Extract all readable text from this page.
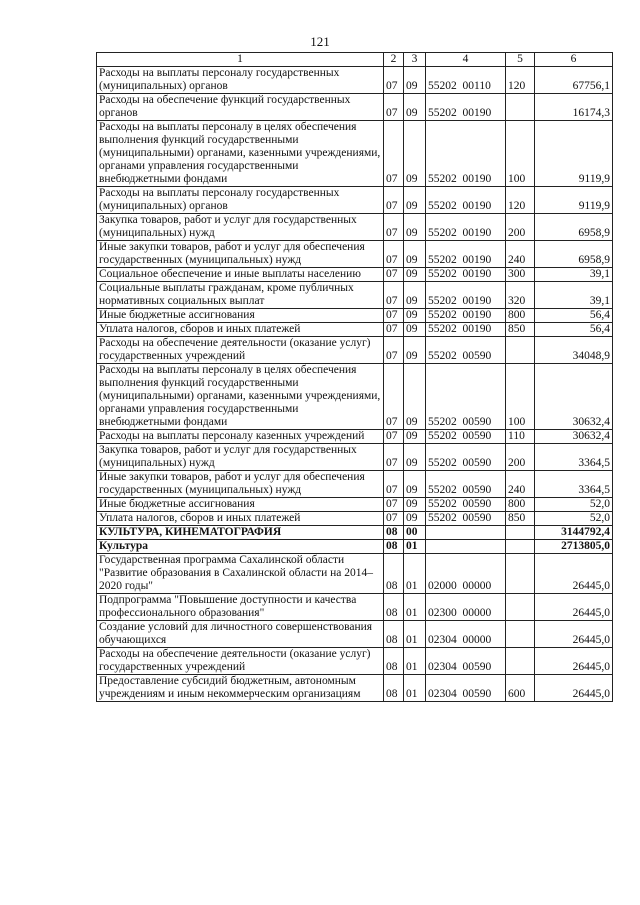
121
1	2	3	4	5	6
Расходы на выплаты персоналу государственных (муниципальных) органов	07	09	55202  00110	120	67756,1
Расходы на обеспечение функций государственных органов	07	09	55202  00190		16174,3
Расходы на выплаты персоналу в целях обеспечения выполнения функций государственными (муниципальными) органами, казенными учреждениями, органами управления государственными внебюджетными фондами	07	09	55202  00190	100	9119,9
Расходы на выплаты персоналу государственных (муниципальных) органов	07	09	55202  00190	120	9119,9
Закупка товаров, работ и услуг для государственных (муниципальных) нужд	07	09	55202  00190	200	6958,9
Иные закупки товаров, работ и услуг для обеспечения государственных (муниципальных) нужд	07	09	55202  00190	240	6958,9
Социальное обеспечение и иные выплаты населению	07	09	55202  00190	300	39,1
Социальные выплаты гражданам, кроме публичных нормативных социальных выплат	07	09	55202  00190	320	39,1
Иные бюджетные ассигнования	07	09	55202  00190	800	56,4
Уплата налогов, сборов и иных платежей	07	09	55202  00190	850	56,4
Расходы на обеспечение деятельности (оказание услуг) государственных учреждений	07	09	55202  00590		34048,9
Расходы на выплаты персоналу в целях обеспечения выполнения функций государственными (муниципальными) органами, казенными учреждениями, органами управления государственными внебюджетными фондами	07	09	55202  00590	100	30632,4
Расходы на выплаты персоналу казенных учреждений	07	09	55202  00590	110	30632,4
Закупка товаров, работ и услуг для государственных (муниципальных) нужд	07	09	55202  00590	200	3364,5
Иные закупки товаров, работ и услуг для обеспечения государственных (муниципальных) нужд	07	09	55202  00590	240	3364,5
Иные бюджетные ассигнования	07	09	55202  00590	800	52,0
Уплата налогов, сборов и иных платежей	07	09	55202  00590	850	52,0
КУЛЬТУРА, КИНЕМАТОГРАФИЯ	08	00			3144792,4
Культура	08	01			2713805,0
Государственная программа Сахалинской области "Развитие образования в Сахалинской области на 2014–2020 годы"	08	01	02000  00000		26445,0
Подпрограмма "Повышение доступности и качества профессионального образования"	08	01	02300  00000		26445,0
Создание условий для личностного совершенствования обучающихся	08	01	02304  00000		26445,0
Расходы на обеспечение деятельности (оказание услуг) государственных учреждений	08	01	02304  00590		26445,0
Предоставление субсидий бюджетным, автономным учреждениям и иным некоммерческим организациям	08	01	02304  00590	600	26445,0
